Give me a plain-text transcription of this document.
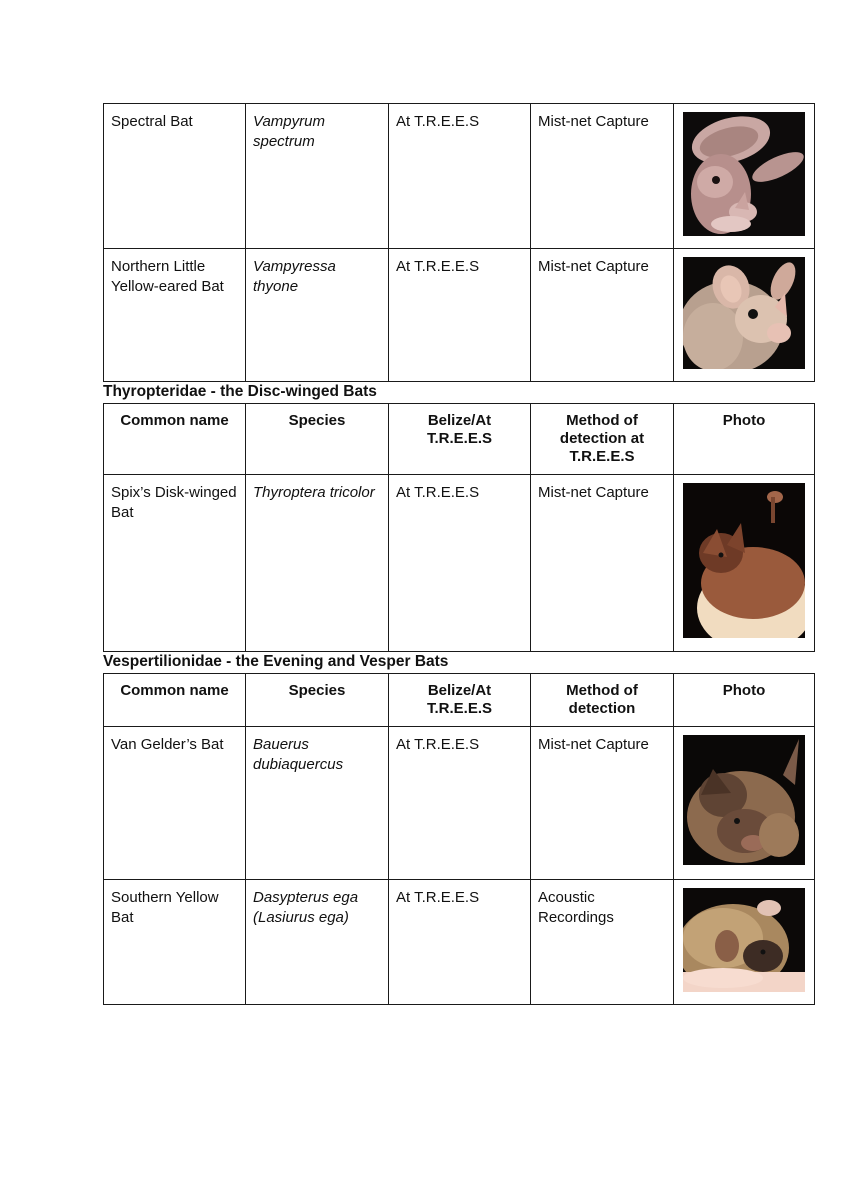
Spectral Bat	Vampyrum spectrum	At T.R.E.E.S	Mist-net Capture	

Northern Little Yellow-eared Bat	Vampyressa thyone	At T.R.E.E.S	Mist-net Capture	
Thyropteridae - the Disc-winged Bats
Common name	Species	Belize/At T.R.E.E.S	Method of detection at T.R.E.E.S	Photo
Spix’s Disk-winged Bat	Thyroptera tricolor	At T.R.E.E.S	Mist-net Capture	
Vespertilionidae - the Evening and Vesper Bats
Common name	Species	Belize/At T.R.E.E.S	Method of detection	Photo
Van Gelder’s Bat	Bauerus dubiaquercus	At T.R.E.E.S	Mist-net Capture	

Southern Yellow Bat	Dasypterus ega (Lasiurus ega)	At T.R.E.E.S	Acoustic Recordings	
